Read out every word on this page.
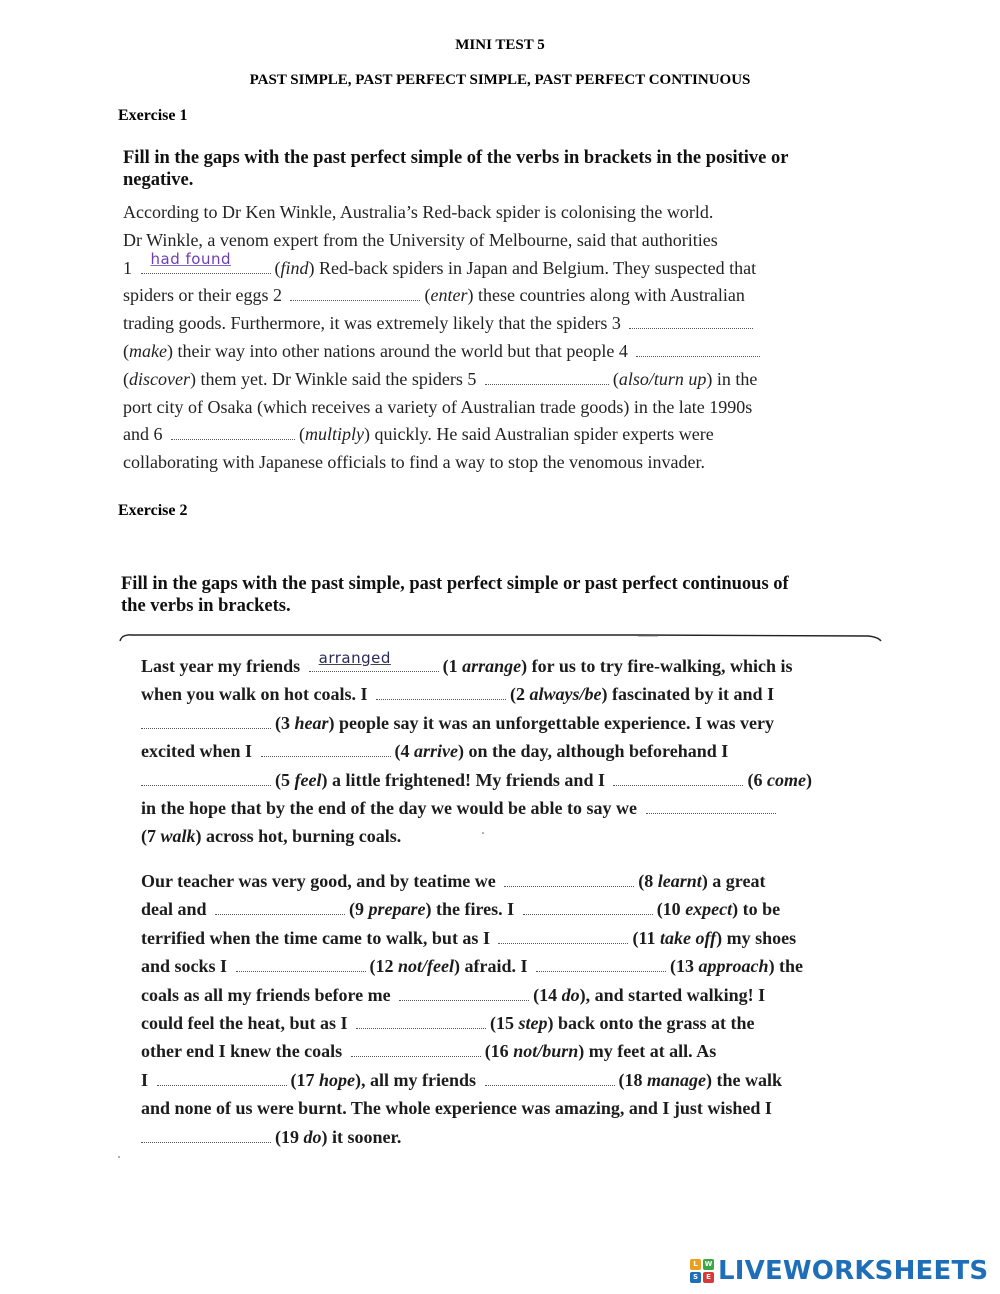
MINI TEST 5
PAST SIMPLE, PAST PERFECT SIMPLE, PAST PERFECT CONTINUOUS
Exercise 1
Fill in the gaps with the past perfect simple of the verbs in brackets in the positive or
negative.
According to Dr Ken Winkle, Australia’s Red-back spider is colonising the world.
Dr Winkle, a venom expert from the University of Melbourne, said that authorities
1 had found (find) Red-back spiders in Japan and Belgium. They suspected that
spiders or their eggs 2	(enter) these countries along with Australian
trading goods. Furthermore, it was extremely likely that the spiders 3
(make) their way into other nations around the world but that people 4
(discover) them yet. Dr Winkle said the spiders 5	(also/turn up) in the
port city of Osaka (which receives a variety of Australian trade goods) in the late 1990s
and 6	(multiply) quickly. He said Australian spider experts were
collaborating with Japanese officials to find a way to stop the venomous invader.
Exercise 2
Fill in the gaps with the past simple, past perfect simple or past perfect continuous of
the verbs in brackets.
Last year my friends arranged	(1 arrange) for us to try fire-walking, which is
when you walk on hot coals. I	(2 always/be) fascinated by it and I
(3 hear) people say it was an unforgettable experience. I was very
excited when I	(4 arrive) on the day, although beforehand I
(5 feel) a little frightened! My friends and I	(6 come)
in the hope that by the end of the day we would be able to say we
(7 walk) across hot, burning coals.
Our teacher was very good, and by teatime we	(8 learnt) a great
deal and	(9 prepare) the fires. I	(10 expect) to be
terrified when the time came to walk, but as I	(11 take off) my shoes
and socks I	(12 not/feel) afraid. I	(13 approach) the
coals as all my friends before me	(14 do), and started walking! I
could feel the heat, but as I	(15 step) back onto the grass at the
other end I knew the coals	(16 not/burn) my feet at all. As
I	(17 hope), all my friends	(18 manage) the walk
and none of us were burnt. The whole experience was amazing, and I just wished I
(19 do) it sooner.
L W
S	E LIVEWORKSHEETS
